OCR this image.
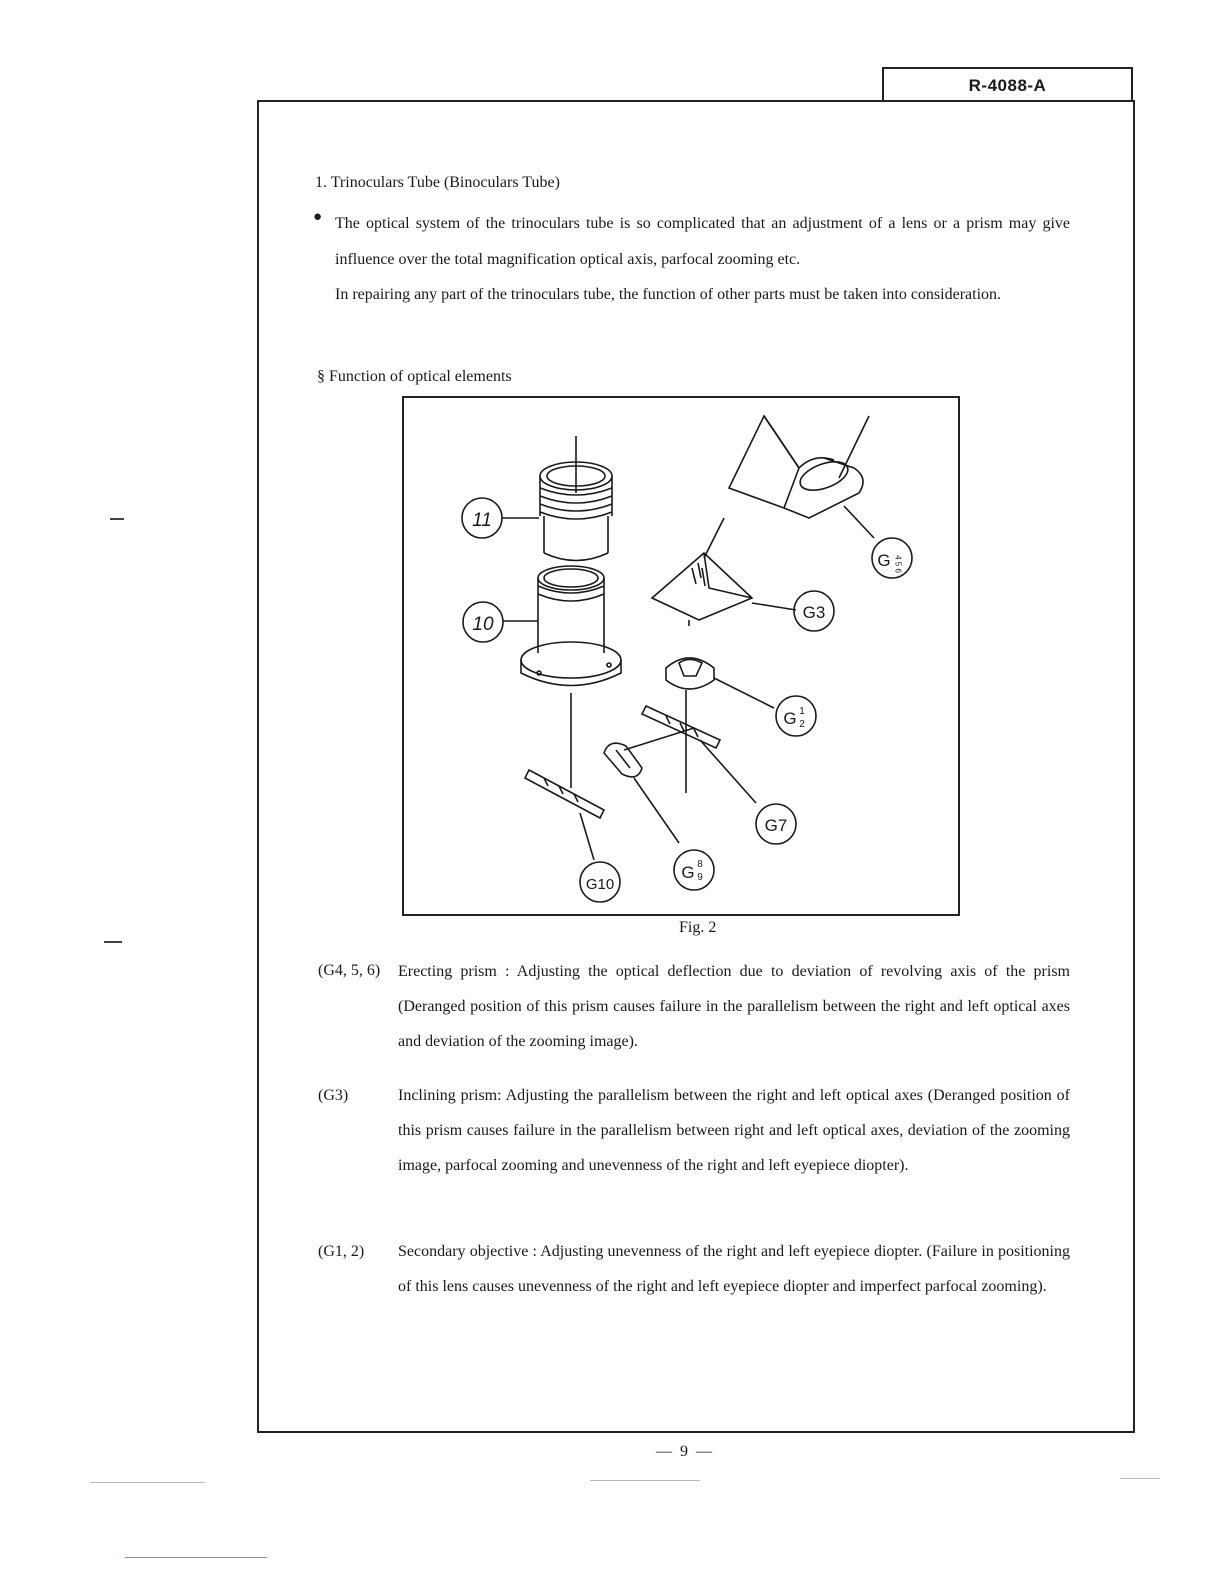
R-4088-A
1. Trinoculars Tube (Binoculars Tube)
● The optical system of the trinoculars tube is so complicated that an adjustment of a lens or a prism may give influence over the total magnification optical axis, parfocal zooming etc.
In repairing any part of the trinoculars tube, the function of other parts must be taken into consideration.
§ Function of optical elements
11
10
G 4 5 6
G3
G 1
2
G7
G 8
9
G10
Fig. 2
(G4, 5, 6) Erecting prism : Adjusting the optical deflection due to deviation of revolving axis of the prism (Deranged position of this prism causes failure in the parallelism between the right and left optical axes and deviation of the zooming image).
(G3)	Inclining prism: Adjusting the parallelism between the right and left optical axes (Deranged position of this prism causes failure in the parallelism between right and left optical axes, deviation of the zooming image, parfocal zooming and unevenness of the right and left eyepiece diopter).
(G1, 2) Secondary objective : Adjusting unevenness of the right and left eyepiece diopter. (Failure in positioning of this lens causes unevenness of the right and left eyepiece diopter and imperfect parfocal zooming).
— 9 —
